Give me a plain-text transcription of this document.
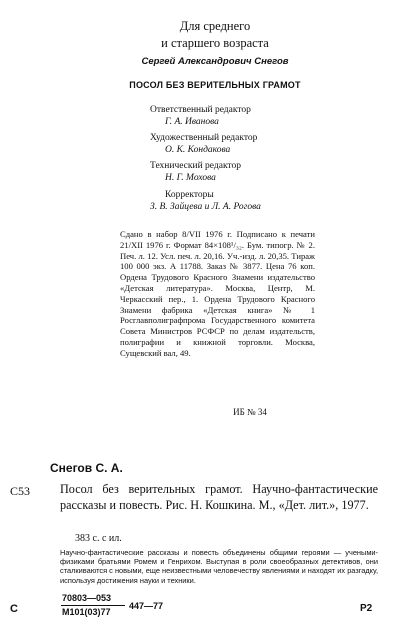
Для среднего
и старшего возраста
Сергей Александрович Снегов
ПОСОЛ БЕЗ ВЕРИТЕЛЬНЫХ ГРАМОТ
Ответственный редактор
Г. А. Иванова
Художественный редактор
О. К. Кондакова
Технический редактор
Н. Г. Мохова
Корректоры
З. В. Зайцева и Л. А. Рогова
Сдано в набор 8/VII 1976 г. Подписано к печати 21/XII 1976 г. Формат 84×108¹/₃₂. Бум. типогр. № 2. Печ. л. 12. Усл. печ. л. 20,16. Уч.-изд. л. 20,35. Тираж 100 000 экз. А 11788. Заказ № 3877. Цена 76 коп. Ордена Трудового Красного Знамени издательство «Детская литература». Москва, Центр, М. Черкасский пер., 1. Ордена Трудового Красного Знамени фабрика «Детская книга» № 1 Росглавполиграфпрома Государственного комитета Совета Министров РСФСР по делам издательств, полиграфии и книжной торговли. Москва, Сущевский вал, 49.
ИБ № 34
Снегов С. А.
С53 Посол без верительных грамот. Научно-фантастические рассказы и повесть. Рис. Н. Кошкина. М., «Дет. лит.», 1977.
383 с. с ил.
Научно-фантастические рассказы и повесть объединены общими героями — учеными-физиками братьями Ромем и Генрихом. Выступая в роли своеобразных детективов, они сталкиваются с новыми, еще неизвестными человечеству явлениями и находят их разгадку, используя достижения науки и техники.
С
70803—053
М101(03)77
447—77	Р2
